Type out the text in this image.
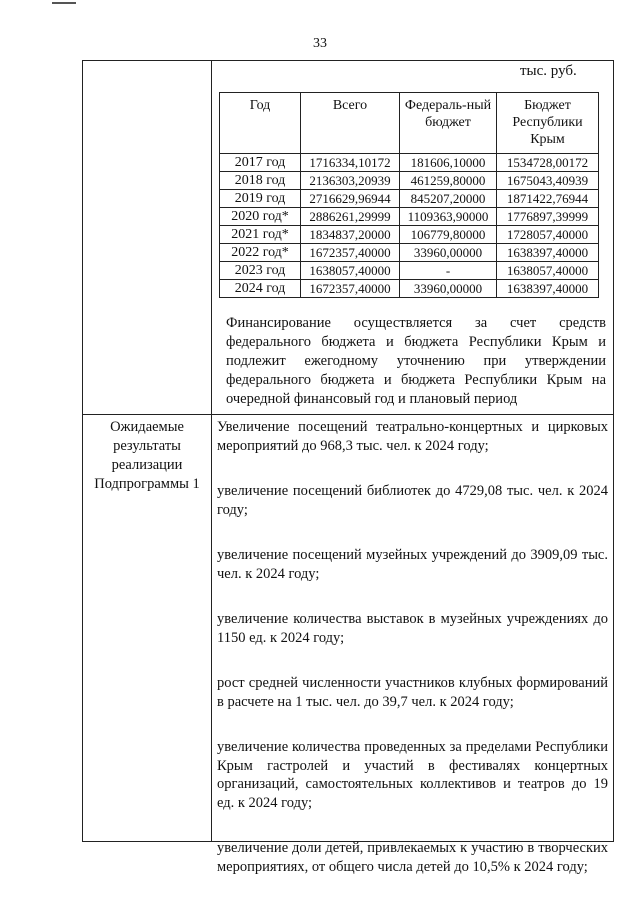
33
тыс. руб.
Год	Всего	Федераль-ный бюджет	Бюджет Республики Крым
2017 год	1716334,10172	181606,10000	1534728,00172
2018 год	2136303,20939	461259,80000	1675043,40939
2019 год	2716629,96944	845207,20000	1871422,76944
2020 год*	2886261,29999	1109363,90000	1776897,39999
2021 год*	1834837,20000	106779,80000	1728057,40000
2022 год*	1672357,40000	33960,00000	1638397,40000
2023 год	1638057,40000	-	1638057,40000
2024 год	1672357,40000	33960,00000	1638397,40000
Финансирование осуществляется за счет средств федерального бюджета и бюджета Республики Крым и подлежит ежегодному уточнению при утверждении федерального бюджета и бюджета Республики Крым на очередной финансовый год и плановый период
Ожидаемые результаты реализации Подпрограммы 1

Увеличение посещений театрально-концертных и цирковых мероприятий до 968,3 тыс. чел. к 2024 году;

увеличение посещений библиотек до 4729,08 тыс. чел. к 2024 году;

увеличение посещений музейных учреждений до 3909,09 тыс. чел. к 2024 году;

увеличение количества выставок в музейных учреждениях до 1150 ед. к 2024 году;

рост средней численности участников клубных формирований в расчете на 1 тыс. чел. до 39,7 чел. к 2024 году;

увеличение количества проведенных за пределами Республики Крым гастролей и участий в фестивалях концертных организаций, самостоятельных коллективов и театров до 19 ед. к 2024 году;

увеличение доли детей, привлекаемых к участию в творческих мероприятиях, от общего числа детей до 10,5% к 2024 году;
